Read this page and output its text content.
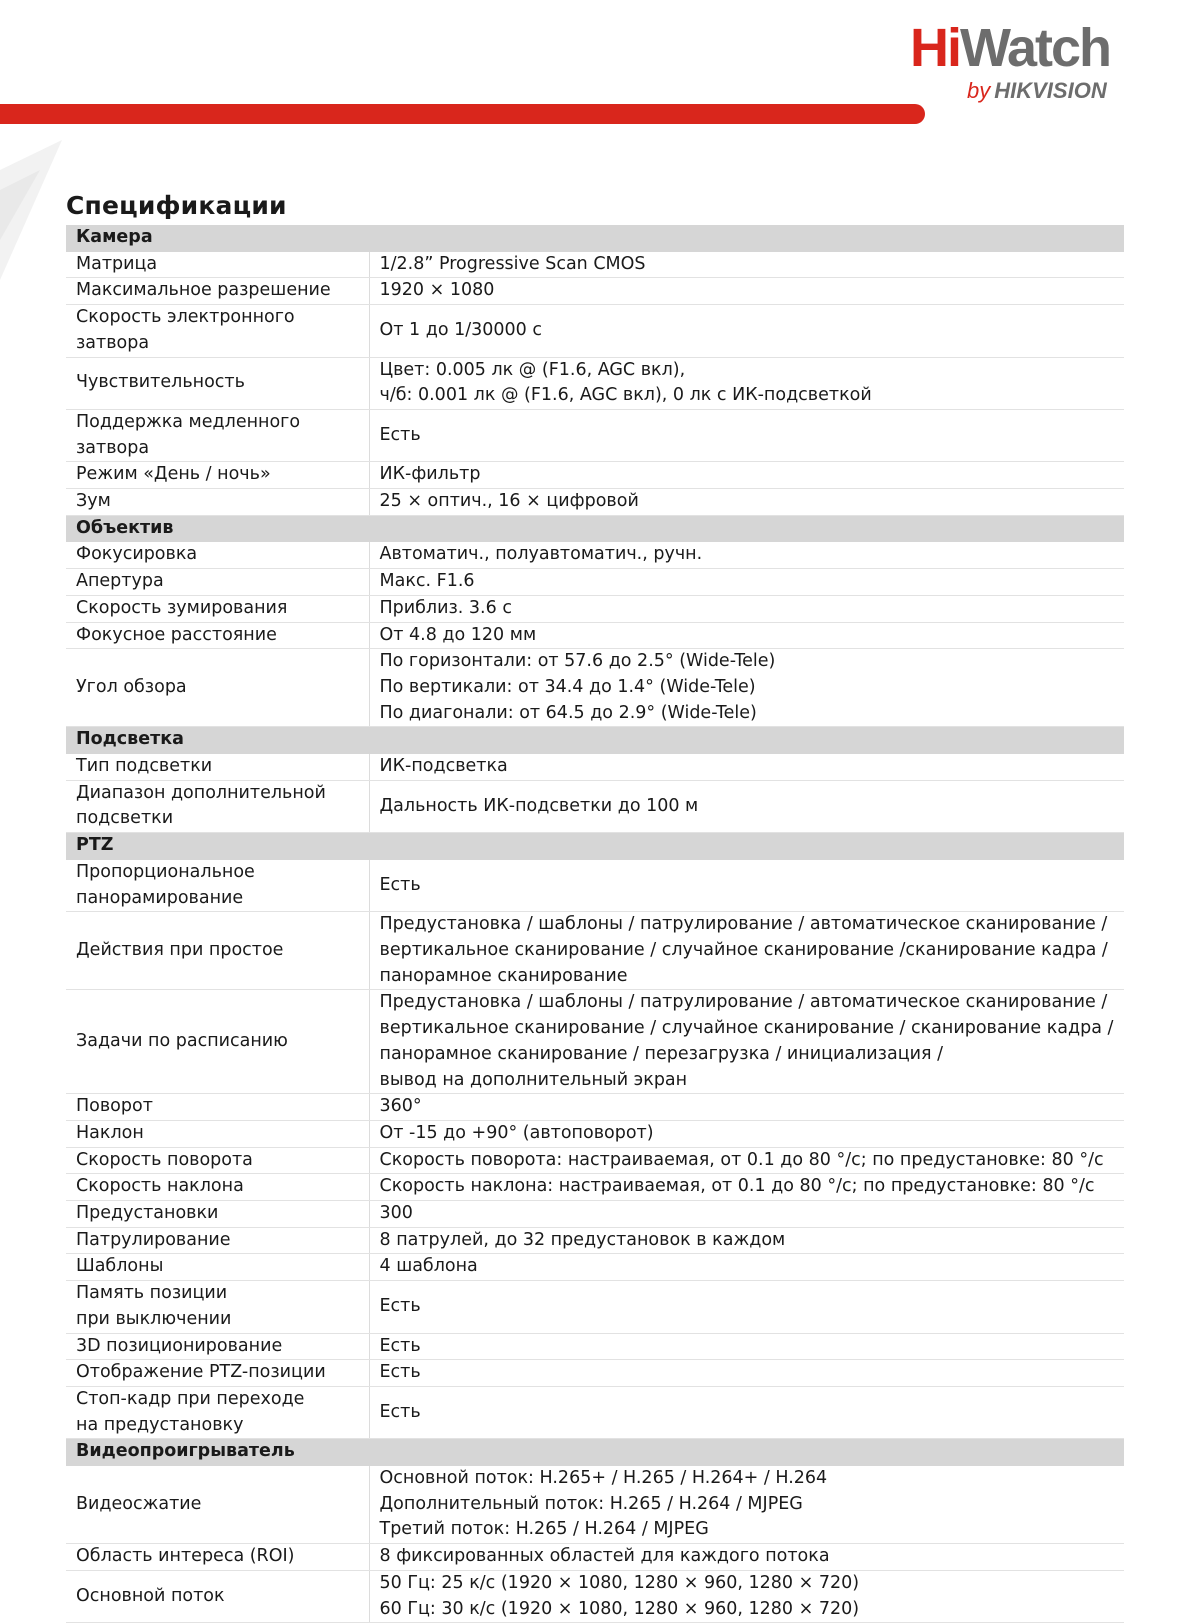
HiWatch
by HIKVISION
Спецификации
Камера	
Матрица	1/2.8” Progressive Scan CMOS
Максимальное разрешение	1920 × 1080
Скорость электронного затвора	От 1 до 1/30000 с
Чувствительность	Цвет: 0.005 лк @ (F1.6, AGC вкл),
ч/б: 0.001 лк @ (F1.6, AGC вкл), 0 лк с ИК-подсветкой
Поддержка медленного
затвора	Есть
Режим «День / ночь»	ИК-фильтр
Зум	25 × оптич., 16 × цифровой
Объектив	
Фокусировка	Автоматич., полуавтоматич., ручн.
Апертура	Макс. F1.6
Скорость зумирования	Приблиз. 3.6 с
Фокусное расстояние	От 4.8 до 120 мм
Угол обзора	По горизонтали: от 57.6 до 2.5° (Wide-Tele)
По вертикали: от 34.4 до 1.4° (Wide-Tele)
По диагонали: от 64.5 до 2.9° (Wide-Tele)
Подсветка	
Тип подсветки	ИК-подсветка
Диапазон дополнительной
подсветки	Дальность ИК-подсветки до 100 м
PTZ	
Пропорциональное
панорамирование	Есть
Действия при простое	Предустановка / шаблоны / патрулирование / автоматическое сканирование /
вертикальное сканирование / случайное сканирование /сканирование кадра /
панорамное сканирование
Задачи по расписанию	Предустановка / шаблоны / патрулирование / автоматическое сканирование /
вертикальное сканирование / случайное сканирование / сканирование кадра /
панорамное сканирование / перезагрузка / инициализация /
вывод на дополнительный экран
Поворот	360°
Наклон	От -15 до +90° (автоповорот)
Скорость поворота	Скорость поворота: настраиваемая, от 0.1 до 80 °/с; по предустановке: 80 °/с
Скорость наклона	Скорость наклона: настраиваемая, от 0.1 до 80 °/с; по предустановке: 80 °/с
Предустановки	300
Патрулирование	8 патрулей, до 32 предустановок в каждом
Шаблоны	4 шаблона
Память позиции
при выключении	Есть
3D позиционирование	Есть
Отображение PTZ-позиции	Есть
Стоп-кадр при переходе
на предустановку	Есть
Видеопроигрыватель	
Видеосжатие	Основной поток: H.265+ / H.265 / H.264+ / H.264
Дополнительный поток: H.265 / H.264 / MJPEG
Третий поток: H.265 / H.264 / MJPEG
Область интереса (ROI)	8 фиксированных областей для каждого потока
Основной поток	50 Гц: 25 к/с (1920 × 1080, 1280 × 960, 1280 × 720)
60 Гц: 30 к/с (1920 × 1080, 1280 × 960, 1280 × 720)
